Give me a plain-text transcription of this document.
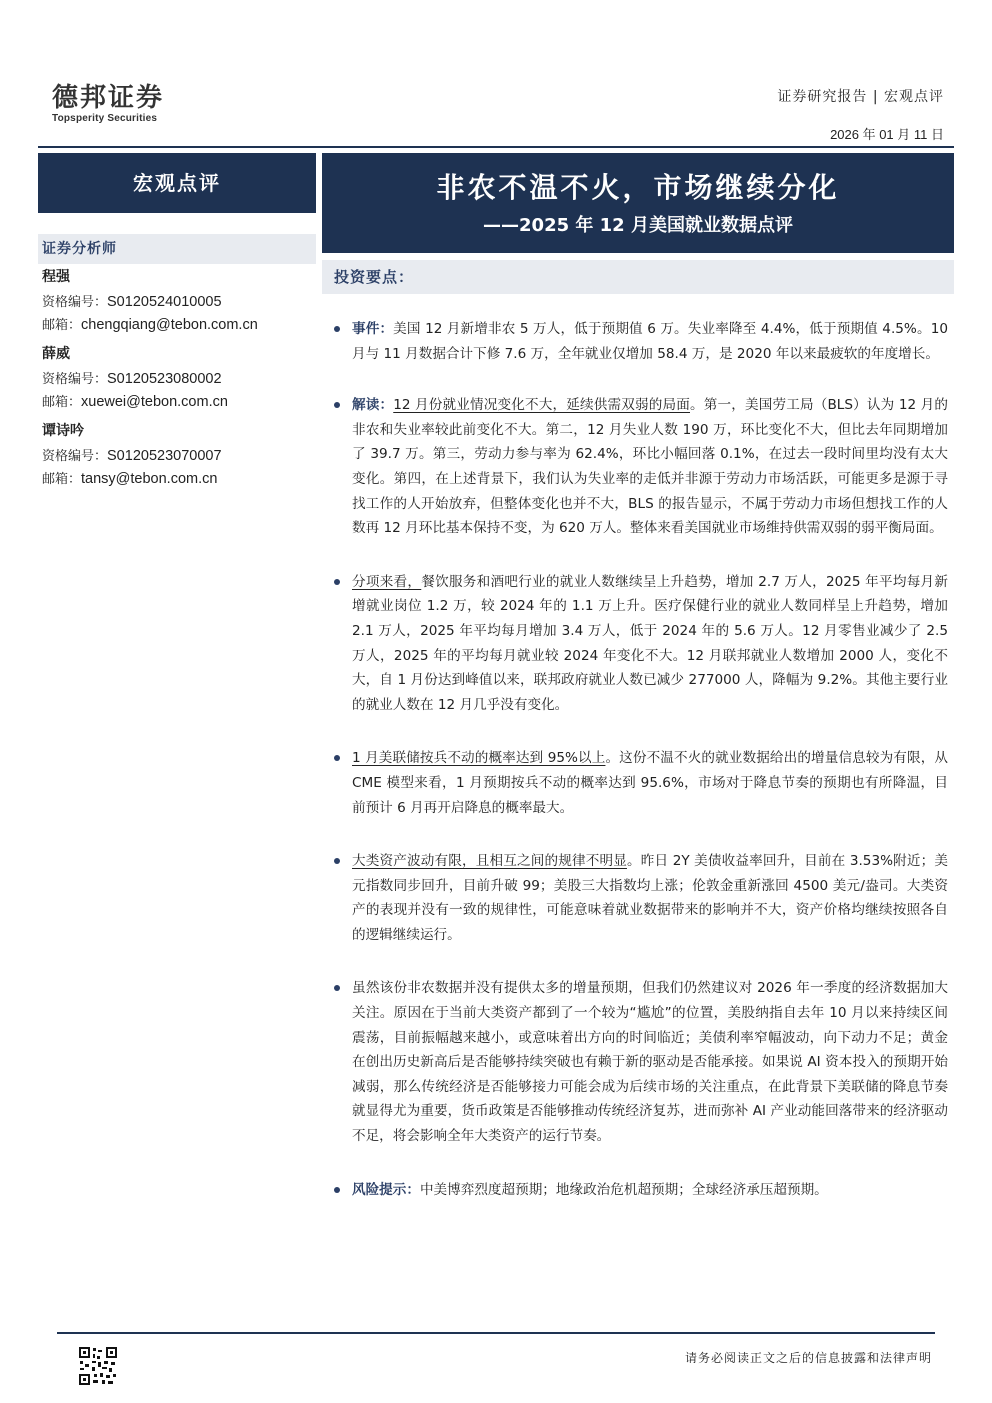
德邦证券
Topsperity Securities
证券研究报告 | 宏观点评
2026 年 01 月 11 日
宏观点评	非农不温不火，市场继续分化
——2025 年 12 月美国就业数据点评
证券分析师
程强
资格编号：S0120524010005
邮箱：chengqiang@tebon.com.cn
薛威
资格编号：S0120523080002
邮箱：xuewei@tebon.com.cn
谭诗吟
资格编号：S0120523070007
邮箱：tansy@tebon.com.cn
投资要点：
事件：美国 12 月新增非农 5 万人，低于预期值 6 万。失业率降至 4.4%，低于预期值 4.5%。10 月与 11 月数据合计下修 7.6 万，全年就业仅增加 58.4 万，是 2020 年以来最疲软的年度增长。
解读：12 月份就业情况变化不大，延续供需双弱的局面。第一，美国劳工局（BLS）认为 12 月的非农和失业率较此前变化不大。第二，12 月失业人数 190 万，环比变化不大，但比去年同期增加了 39.7 万。第三，劳动力参与率为 62.4%，环比小幅回落 0.1%，在过去一段时间里均没有太大变化。第四，在上述背景下，我们认为失业率的走低并非源于劳动力市场活跃，可能更多是源于寻找工作的人开始放弃，但整体变化也并不大，BLS 的报告显示，不属于劳动力市场但想找工作的人数再 12 月环比基本保持不变，为 620 万人。整体来看美国就业市场维持供需双弱的弱平衡局面。
分项来看，餐饮服务和酒吧行业的就业人数继续呈上升趋势，增加 2.7 万人，2025 年平均每月新增就业岗位 1.2 万，较 2024 年的 1.1 万上升。医疗保健行业的就业人数同样呈上升趋势，增加 2.1 万人，2025 年平均每月增加 3.4 万人，低于 2024 年的 5.6 万人。12 月零售业减少了 2.5 万人，2025 年的平均每月就业较 2024 年变化不大。12 月联邦就业人数增加 2000 人，变化不大，自 1 月份达到峰值以来，联邦政府就业人数已减少 277000 人，降幅为 9.2%。其他主要行业的就业人数在 12 月几乎没有变化。
1 月美联储按兵不动的概率达到 95%以上。这份不温不火的就业数据给出的增量信息较为有限，从 CME 模型来看，1 月预期按兵不动的概率达到 95.6%，市场对于降息节奏的预期也有所降温，目前预计 6 月再开启降息的概率最大。
大类资产波动有限，且相互之间的规律不明显。昨日 2Y 美债收益率回升，目前在 3.53%附近；美元指数同步回升，目前升破 99；美股三大指数均上涨；伦敦金重新涨回 4500 美元/盎司。大类资产的表现并没有一致的规律性，可能意味着就业数据带来的影响并不大，资产价格均继续按照各自的逻辑继续运行。
虽然该份非农数据并没有提供太多的增量预期，但我们仍然建议对 2026 年一季度的经济数据加大关注。原因在于当前大类资产都到了一个较为“尴尬”的位置，美股纳指自去年 10 月以来持续区间震荡，目前振幅越来越小，或意味着出方向的时间临近；美债利率窄幅波动，向下动力不足；黄金在创出历史新高后是否能够持续突破也有赖于新的驱动是否能承接。如果说 AI 资本投入的预期开始减弱，那么传统经济是否能够接力可能会成为后续市场的关注重点，在此背景下美联储的降息节奏就显得尤为重要，货币政策是否能够推动传统经济复苏，进而弥补 AI 产业动能回落带来的经济驱动不足，将会影响全年大类资产的运行节奏。
风险提示：中美博弈烈度超预期；地缘政治危机超预期；全球经济承压超预期。
请务必阅读正文之后的信息披露和法律声明
